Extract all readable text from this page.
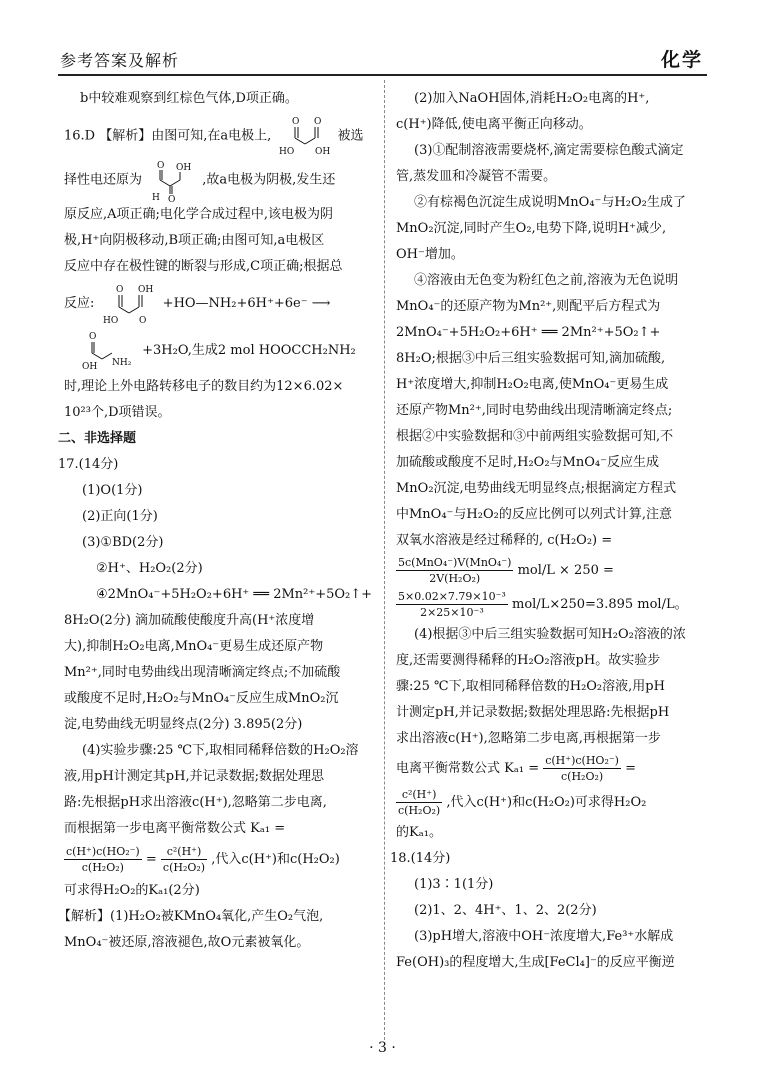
参考答案及解析	化学

b中较难观察到红棕色气体,D项正确。

16.D 【解析】由图可知,在a电极上,
O O
HO OH
被选

择性电还原为
O OH
H O
,故a电极为阴极,发生还

原反应,A项正确;电化学合成过程中,该电极为阴

极,H⁺向阴极移动,B项正确;由图可知,a电极区

反应中存在极性键的断裂与形成,C项正确;根据总

反应:
O OH
HO O
+HO—NH₂+6H⁺+6e⁻ ⟶

O
OH NH₂
+3H₂O,生成2 mol HOOCCH₂NH₂

时,理论上外电路转移电子的数目约为12×6.02×

10²³个,D项错误。

二、非选择题

17.(14分)

(1)O(1分)

(2)正向(1分)

(3)①BD(2分)

②H⁺、H₂O₂(2分)

④2MnO₄⁻+5H₂O₂+6H⁺ ══ 2Mn²⁺+5O₂↑+

8H₂O(2分) 滴加硫酸使酸度升高(H⁺浓度增

大),抑制H₂O₂电离,MnO₄⁻更易生成还原产物

Mn²⁺,同时电势曲线出现清晰滴定终点;不加硫酸

或酸度不足时,H₂O₂与MnO₄⁻反应生成MnO₂沉

淀,电势曲线无明显终点(2分) 3.895(2分)

(4)实验步骤:25 ℃下,取相同稀释倍数的H₂O₂溶

液,用pH计测定其pH,并记录数据;数据处理思

路:先根据pH求出溶液c(H⁺),忽略第二步电离,

而根据第一步电离平衡常数公式 Kₐ₁ =

$\frac{\text{c(H⁺)c(HO₂⁻)}}{\text{c(H₂O₂)}} = \frac{\text{c²(H⁺)}}{\text{c(H₂O₂)}}$ ,代入c(H⁺)和c(H₂O₂)

可求得H₂O₂的Kₐ₁(2分)

【解析】(1)H₂O₂被KMnO₄氧化,产生O₂气泡,

MnO₄⁻被还原,溶液褪色,故O元素被氧化。

(2)加入NaOH固体,消耗H₂O₂电离的H⁺,

c(H⁺)降低,使电离平衡正向移动。

(3)①配制溶液需要烧杯,滴定需要棕色酸式滴定

管,蒸发皿和冷凝管不需要。

②有棕褐色沉淀生成说明MnO₄⁻与H₂O₂生成了

MnO₂沉淀,同时产生O₂,电势下降,说明H⁺减少,

OH⁻增加。

④溶液由无色变为粉红色之前,溶液为无色说明

MnO₄⁻的还原产物为Mn²⁺,则配平后方程式为

2MnO₄⁻+5H₂O₂+6H⁺ ══ 2Mn²⁺+5O₂↑+

8H₂O;根据③中后三组实验数据可知,滴加硫酸,

H⁺浓度增大,抑制H₂O₂电离,使MnO₄⁻更易生成

还原产物Mn²⁺,同时电势曲线出现清晰滴定终点;

根据②中实验数据和③中前两组实验数据可知,不

加硫酸或酸度不足时,H₂O₂与MnO₄⁻反应生成

MnO₂沉淀,电势曲线无明显终点;根据滴定方程式

中MnO₄⁻与H₂O₂的反应比例可以列式计算,注意

双氧水溶液是经过稀释的, c(H₂O₂) =

$\frac{\text{5c(MnO₄⁻)V(MnO₄⁻)}}{\text{2V(H₂O₂)}} mol/L \times 250$ =

$\frac{\text{5×0.02×7.79×10⁻³}}{\text{2×25×10⁻³}} mol/L\times 250=3.895$ mol/L。

(4)根据③中后三组实验数据可知H₂O₂溶液的浓

度,还需要测得稀释的H₂O₂溶液pH。故实验步

骤:25 ℃下,取相同稀释倍数的H₂O₂溶液,用pH

计测定pH,并记录数据;数据处理思路:先根据pH

求出溶液c(H⁺),忽略第二步电离,再根据第一步

电离平衡常数公式 $K_{a1} = \frac{\text{c(H⁺)c(HO₂⁻)}}{\text{c(H₂O₂)}}$ =

$\frac{\text{c²(H⁺)}}{\text{c(H₂O₂)}}$ ,代入c(H⁺)和c(H₂O₂)可求得H₂O₂

的Kₐ₁。

18.(14分)

(1)3∶1(1分)

(2)1、2、4H⁺、1、2、2(2分)

(3)pH增大,溶液中OH⁻浓度增大,Fe³⁺水解成

Fe(OH)₃的程度增大,生成[FeCl₄]⁻的反应平衡逆

· 3 ·
